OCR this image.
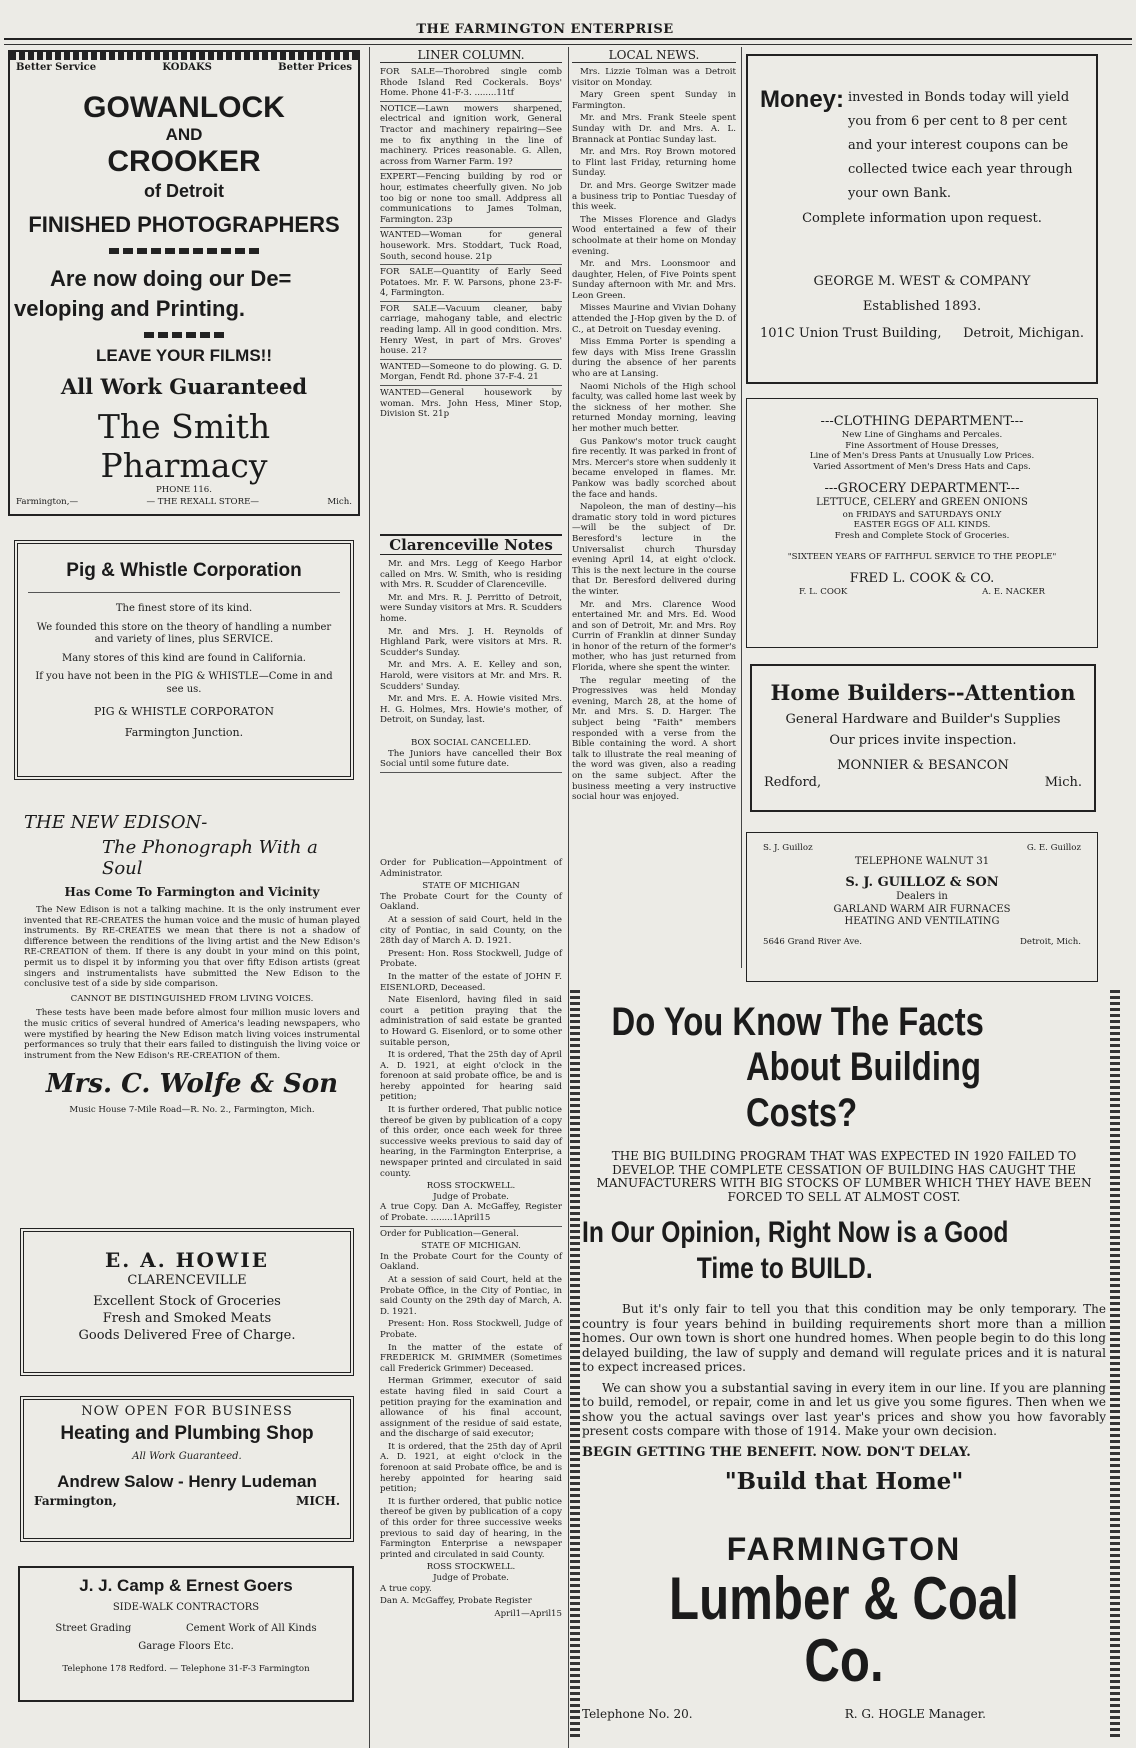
THE FARMINGTON ENTERPRISE
Better Service	KODAKS	Better Prices
GOWANLOCK
AND
CROOKER
of Detroit
FINISHED PHOTOGRAPHERS
Are now doing our De=
veloping and Printing.
LEAVE YOUR FILMS!!
All Work Guaranteed
The Smith Pharmacy
PHONE 116.
Farmington,—	— THE REXALL STORE—	Mich.
Pig & Whistle Corporation
The finest store of its kind.
We founded this store on the theory of handling a number and variety of lines, plus SERVICE.
Many stores of this kind are found in California.
If you have not been in the PIG & WHISTLE—Come in and see us.
PIG & WHISTLE CORPORATON
Farmington Junction.
THE NEW EDISON-
The Phonograph With a Soul
Has Come To Farmington and Vicinity
The New Edison is not a talking machine. It is the only instrument ever invented that RE-CREATES the human voice and the music of human played instruments. By RE-CREATES we mean that there is not a shadow of difference between the renditions of the living artist and the New Edison's RE-CREATION of them. If there is any doubt in your mind on this point, permit us to dispel it by informing you that over fifty Edison artists (great singers and instrumentalists have submitted the New Edison to the conclusive test of a side by side comparison.
CANNOT BE DISTINGUISHED FROM LIVING VOICES.
These tests have been made before almost four million music lovers and the music critics of several hundred of America's leading newspapers, who were mystified by hearing the New Edison match living voices instrumental performances so truly that their ears failed to distinguish the living voice or instrument from the New Edison's RE-CREATION of them.
Mrs. C. Wolfe & Son
Music House 7-Mile Road—R. No. 2., Farmington, Mich.
E. A. HOWIE
CLARENCEVILLE
Excellent Stock of Groceries
Fresh and Smoked Meats
Goods Delivered Free of Charge.
NOW OPEN FOR BUSINESS
Heating and Plumbing Shop
All Work Guaranteed.
Andrew Salow - Henry Ludeman
Farmington,	MICH.
J. J. Camp & Ernest Goers
SIDE-WALK CONTRACTORS
Street Grading	Cement Work of All Kinds
Garage Floors Etc.
Telephone 178 Redford. — Telephone 31-F-3 Farmington
LINER COLUMN.
FOR SALE—Thorobred single comb Rhode Island Red Cockerals. Boys' Home. Phone 41-F-3. ........11tf
NOTICE—Lawn mowers sharpened, electrical and ignition work, General Tractor and machinery repairing—See me to fix anything in the line of machinery. Prices reasonable. G. Allen, across from Warner Farm. 19?
EXPERT—Fencing building by rod or hour, estimates cheerfully given. No job too big or none too small. Addpress all communications to James Tolman, Farmington. 23p
WANTED—Woman for general housework. Mrs. Stoddart, Tuck Road, South, second house. 21p
FOR SALE—Quantity of Early Seed Potatoes. Mr. F. W. Parsons, phone 23-F-4, Farmington.
FOR SALE—Vacuum cleaner, baby carriage, mahogany table, and electric reading lamp. All in good condition. Mrs. Henry West, in part of Mrs. Groves' house. 21?
WANTED—Someone to do plowing. G. D. Morgan, Fendt Rd. phone 37-F-4. 21
WANTED—General housework by woman. Mrs. John Hess, Miner Stop, Division St. 21p
Clarenceville Notes
Mr. and Mrs. Legg of Keego Harbor called on Mrs. W. Smith, who is residing with Mrs. R. Scudder of Clarenceville.
Mr. and Mrs. R. J. Perritto of Detroit, were Sunday visitors at Mrs. R. Scudders home.
Mr. and Mrs. J. H. Reynolds of Highland Park, were visitors at Mrs. R. Scudder's Sunday.
Mr. and Mrs. A. E. Kelley and son, Harold, were visitors at Mr. and Mrs. R. Scudders' Sunday.
Mr. and Mrs. E. A. Howie visited Mrs. H. G. Holmes, Mrs. Howie's mother, of Detroit, on Sunday, last.
BOX SOCIAL CANCELLED.
The Juniors have cancelled their Box Social until some future date.
Order for Publication—Appointment of Administrator.
STATE OF MICHIGAN
The Probate Court for the County of Oakland.
At a session of said Court, held in the city of Pontiac, in said County, on the 28th day of March A. D. 1921.
Present: Hon. Ross Stockwell, Judge of Probate.
In the matter of the estate of JOHN F. EISENLORD, Deceased.
Nate Eisenlord, having filed in said court a petition praying that the administration of said estate be granted to Howard G. Eisenlord, or to some other suitable person,
It is ordered, That the 25th day of April A. D. 1921, at eight o'clock in the forenoon at said probate office, be and is hereby appointed for hearing said petition;
It is further ordered, That public notice thereof be given by publication of a copy of this order, once each week for three successive weeks previous to said day of hearing, in the Farmington Enterprise, a newspaper printed and circulated in said county.
ROSS STOCKWELL.
Judge of Probate.
A true Copy. Dan A. McGaffey, Register of Probate. ........1April15
Order for Publication—General.
STATE OF MICHIGAN.
In the Probate Court for the County of Oakland.
At a session of said Court, held at the Probate Office, in the City of Pontiac, in said County on the 29th day of March, A. D. 1921.
Present: Hon. Ross Stockwell, Judge of Probate.
In the matter of the estate of FREDERICK M. GRIMMER (Sometimes call Frederick Grimmer) Deceased.
Herman Grimmer, executor of said estate having filed in said Court a petition praying for the examination and allowance of his final account, assignment of the residue of said estate, and the discharge of said executor;
It is ordered, that the 25th day of April A. D. 1921, at eight o'clock in the forenoon at said Probate office, be and is hereby appointed for hearing said petition;
It is further ordered, that public notice thereof be given by publication of a copy of this order for three successive weeks previous to said day of hearing, in the Farmington Enterprise a newspaper printed and circulated in said County.
ROSS STOCKWELL.
Judge of Probate.
A true copy.
Dan A. McGaffey, Probate Register
April1—April15
LOCAL NEWS.
Mrs. Lizzie Tolman was a Detroit visitor on Monday.
Mary Green spent Sunday in Farmington.
Mr. and Mrs. Frank Steele spent Sunday with Dr. and Mrs. A. L. Brannack at Pontiac Sunday last.
Mr. and Mrs. Roy Brown motored to Flint last Friday, returning home Sunday.
Dr. and Mrs. George Switzer made a business trip to Pontiac Tuesday of this week.
The Misses Florence and Gladys Wood entertained a few of their schoolmate at their home on Monday evening.
Mr. and Mrs. Loonsmoor and daughter, Helen, of Five Points spent Sunday afternoon with Mr. and Mrs. Leon Green.
Misses Maurine and Vivian Dohany attended the J-Hop given by the D. of C., at Detroit on Tuesday evening.
Miss Emma Porter is spending a few days with Miss Irene Grasslin during the absence of her parents who are at Lansing.
Naomi Nichols of the High school faculty, was called home last week by the sickness of her mother. She returned Monday morning, leaving her mother much better.
Gus Pankow's motor truck caught fire recently. It was parked in front of Mrs. Mercer's store when suddenly it became enveloped in flames. Mr. Pankow was badly scorched about the face and hands.
Napoleon, the man of destiny—his dramatic story told in word pictures—will be the subject of Dr. Beresford's lecture in the Universalist church Thursday evening April 14, at eight o'clock. This is the next lecture in the course that Dr. Beresford delivered during the winter.
Mr. and Mrs. Clarence Wood entertained Mr. and Mrs. Ed. Wood and son of Detroit, Mr. and Mrs. Roy Currin of Franklin at dinner Sunday in honor of the return of the former's mother, who has just returned from Florida, where she spent the winter.
The regular meeting of the Progressives was held Monday evening, March 28, at the home of Mr. and Mrs. S. D. Harger. The subject being "Faith" members responded with a verse from the Bible containing the word. A short talk to illustrate the real meaning of the word was given, also a reading on the same subject. After the business meeting a very instructive social hour was enjoyed.
Money: invested in Bonds today will yield you from 6 per cent to 8 per cent and your interest coupons can be collected twice each year through your own Bank.
Complete information upon request.
GEORGE M. WEST & COMPANY
Established 1893.
101C Union Trust Building, Detroit, Michigan.
---CLOTHING DEPARTMENT---
New Line of Ginghams and Percales.
Fine Assortment of House Dresses,
Line of Men's Dress Pants at Unusually Low Prices.
Varied Assortment of Men's Dress Hats and Caps.
---GROCERY DEPARTMENT---
LETTUCE, CELERY and GREEN ONIONS
on FRIDAYS and SATURDAYS ONLY
EASTER EGGS OF ALL KINDS.
Fresh and Complete Stock of Groceries.
"SIXTEEN YEARS OF FAITHFUL SERVICE TO THE PEOPLE"
FRED L. COOK & CO.
F. L. COOK	A. E. NACKER
Home Builders--Attention
General Hardware and Builder's Supplies
Our prices invite inspection.
MONNIER & BESANCON
Redford,	Mich.
S. J. Guilloz	G. E. Guilloz
TELEPHONE WALNUT 31
S. J. GUILLOZ & SON
Dealers in
GARLAND WARM AIR FURNACES
HEATING AND VENTILATING
5646 Grand River Ave.	Detroit, Mich.
Do You Know The Facts
About Building Costs?
THE BIG BUILDING PROGRAM THAT WAS EXPECTED IN 1920 FAILED TO DEVELOP. THE COMPLETE CESSATION OF BUILDING HAS CAUGHT THE MANUFACTURERS WITH BIG STOCKS OF LUMBER WHICH THEY HAVE BEEN FORCED TO SELL AT ALMOST COST.
In Our Opinion, Right Now is a Good
Time to BUILD.
But it's only fair to tell you that this condition may be only temporary. The country is four years behind in building requirements short more than a million homes. Our own town is short one hundred homes. When people begin to do this long delayed building, the law of supply and demand will regulate prices and it is natural to expect increased prices.
We can show you a substantial saving in every item in our line. If you are planning to build, remodel, or repair, come in and let us give you some figures. Then when we show you the actual savings over last year's prices and show you how favorably present costs compare with those of 1914. Make your own decision.
BEGIN GETTING THE BENEFIT. NOW. DON'T DELAY.
"Build that Home"
FARMINGTON
Lumber & Coal Co.
Telephone No. 20.	R. G. HOGLE Manager.
